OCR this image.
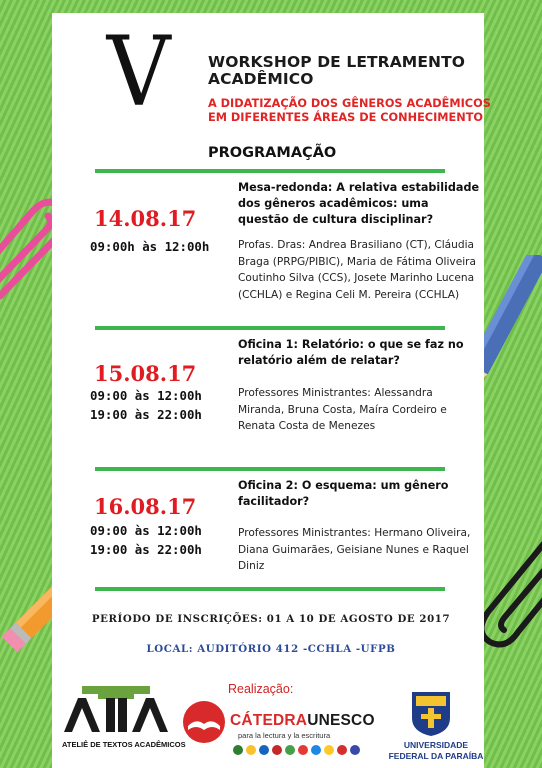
V WORKSHOP DE LETRAMENTO ACADÊMICO
A DIDATIZAÇÃO DOS GÊNEROS ACADÊMICOS EM DIFERENTES ÁREAS DE CONHECIMENTO
PROGRAMAÇÃO
14.08.17
09:00h às 12:00h
Mesa-redonda: A relativa estabilidade dos gêneros acadêmicos: uma questão de cultura disciplinar?
Profas. Dras: Andrea Brasiliano (CT), Cláudia Braga (PRPG/PIBIC), Maria de Fátima Oliveira Coutinho Silva (CCS), Josete Marinho Lucena (CCHLA) e Regina Celi M. Pereira (CCHLA)
15.08.17
09:00 às 12:00h
19:00 às 22:00h
Oficina 1: Relatório: o que se faz no relatório além de relatar?
Professores Ministrantes: Alessandra Miranda, Bruna Costa, Maíra Cordeiro e Renata Costa de Menezes
16.08.17
09:00 às 12:00h
19:00 às 22:00h
Oficina 2: O esquema: um gênero facilitador?
Professores Ministrantes: Hermano Oliveira, Diana Guimarães, Geisiane Nunes e Raquel Diniz
PERÍODO DE INSCRIÇÕES: 01 A 10 DE AGOSTO DE 2017
LOCAL: AUDITÓRIO 412 -CCHLA -UFPB
Realização:
ATELIÊ DE TEXTOS ACADÊMICOS
CÁTEDRAUNESCO
para la lectura y la escritura
UNIVERSIDADE
FEDERAL DA PARAÍBA
